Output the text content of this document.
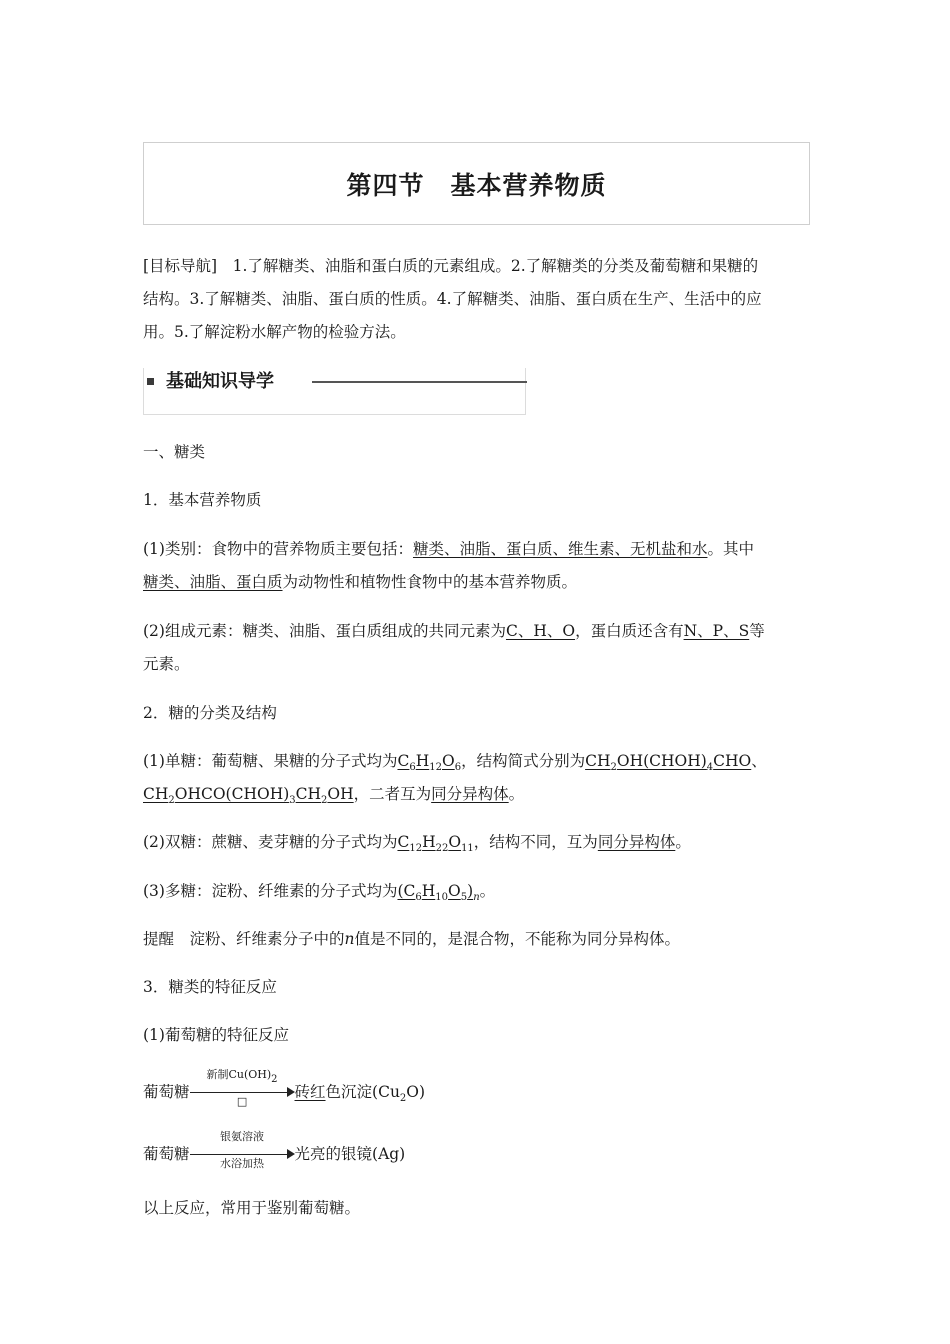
第四节　基本营养物质
[目标导航]　1.了解糖类、油脂和蛋白质的元素组成。2.了解糖类的分类及葡萄糖和果糖的
结构。3.了解糖类、油脂、蛋白质的性质。4.了解糖类、油脂、蛋白质在生产、生活中的应
用。5.了解淀粉水解产物的检验方法。
基础知识导学
一、糖类
1．基本营养物质
(1)类别：食物中的营养物质主要包括：糖类、油脂、蛋白质、维生素、无机盐和水。其中
糖类、油脂、蛋白质为动物性和植物性食物中的基本营养物质。
(2)组成元素：糖类、油脂、蛋白质组成的共同元素为C、H、O，蛋白质还含有N、P、S等
元素。
2．糖的分类及结构
(1)单糖：葡萄糖、果糖的分子式均为$C_6H_{12}O_6$，结构简式分别为$CH_2OH(CHOH)_4CHO$、
$CH_2OHCO(CHOH)_3CH_2OH$，二者互为同分异构体。
(2)双糖：蔗糖、麦芽糖的分子式均为$C_{12}H_{22}O_{11}$，结构不同，互为同分异构体。
(3)多糖：淀粉、纤维素的分子式均为$(C_6H_{10}O_5)_n$。
提醒　淀粉、纤维素分子中的n值是不同的，是混合物，不能称为同分异构体。
3．糖类的特征反应
(1)葡萄糖的特征反应
葡萄糖
新制$Cu(OH)_2$
□
砖红色沉淀$(Cu_2O)$
葡萄糖
银氨溶液
水浴加热
光亮的银镜(Ag)
以上反应，常用于鉴别葡萄糖。
